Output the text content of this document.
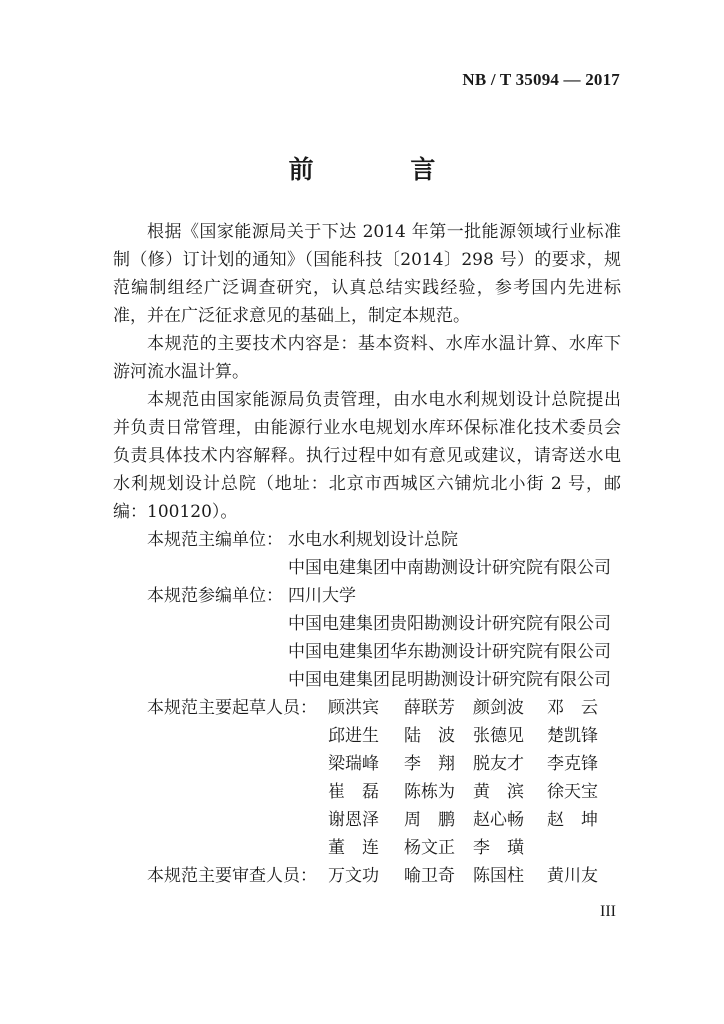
NB / T 35094 — 2017
前 言

根据《国家能源局关于下达 2014 年第一批能源领域行业标准制（修）订计划的通知》（国能科技〔2014〕298 号）的要求，规范编制组经广泛调查研究，认真总结实践经验，参考国内先进标准，并在广泛征求意见的基础上，制定本规范。

本规范的主要技术内容是：基本资料、水库水温计算、水库下游河流水温计算。

本规范由国家能源局负责管理，由水电水利规划设计总院提出并负责日常管理，由能源行业水电规划水库环保标准化技术委员会负责具体技术内容解释。执行过程中如有意见或建议，请寄送水电水利规划设计总院（地址：北京市西城区六铺炕北小街 2 号，邮编：100120）。

本规范主编单位： 水电水利规划设计总院
中国电建集团中南勘测设计研究院有限公司
本规范参编单位： 四川大学
中国电建集团贵阳勘测设计研究院有限公司
中国电建集团华东勘测设计研究院有限公司
中国电建集团昆明勘测设计研究院有限公司
本规范主要起草人员： 顾洪宾	薛联芳	颜剑波	邓　云
邱进生	陆　波	张德见	楚凯锋
梁瑞峰	李　翔	脱友才	李克锋
崔　磊	陈栋为	黄　滨	徐天宝
谢恩泽	周　鹏	赵心畅	赵　坤
董　连	杨文正	李　璜
本规范主要审查人员： 万文功	喻卫奇	陈国柱	黄川友
III
